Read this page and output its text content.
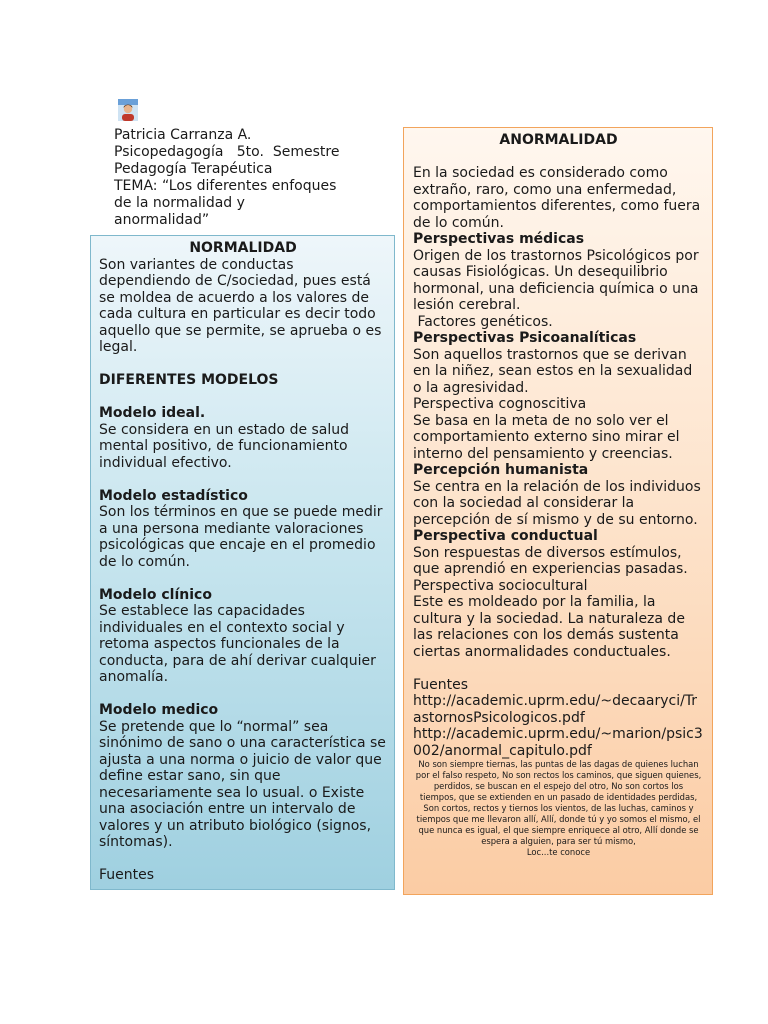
Patricia Carranza A.
Psicopedagogía   5to.  Semestre
Pedagogía Terapéutica
TEMA: “Los diferentes enfoques
de la normalidad y
anormalidad”
NORMALIDAD
Son variantes de conductas dependiendo de C/sociedad, pues está se moldea de acuerdo a los valores de cada cultura en particular es decir todo aquello que se permite, se aprueba o es legal.
DIFERENTES MODELOS
Modelo ideal.
Se considera en un estado de salud mental positivo, de funcionamiento individual efectivo.
Modelo estadístico
Son los términos en que se puede medir a una persona mediante valoraciones psicológicas que encaje en el promedio de lo común.
Modelo clínico
Se establece las capacidades individuales en el contexto social y retoma aspectos funcionales de la conducta, para de ahí derivar cualquier anomalía.
Modelo medico
Se pretende que lo “normal” sea sinónimo de sano o una característica se ajusta a una norma o juicio de valor que define estar sano, sin que necesariamente sea lo usual. o Existe una asociación entre un intervalo de valores y un atributo biológico (signos, síntomas).
Fuentes
ANORMALIDAD
En la sociedad es considerado como extraño, raro, como una enfermedad, comportamientos diferentes, como fuera de lo común.
Perspectivas médicas
Origen de los trastornos Psicológicos por causas Fisiológicas. Un desequilibrio hormonal, una deficiencia química o una lesión cerebral.
Factores genéticos.
Perspectivas Psicoanalíticas
Son aquellos trastornos que se derivan en la niñez, sean estos en la sexualidad o la agresividad.
Perspectiva cognoscitiva
Se basa en la meta de no solo ver el comportamiento externo sino mirar el interno del pensamiento y creencias.
Percepción humanista
Se centra en la relación de los individuos con la sociedad al considerar la percepción de sí mismo y de su entorno.
Perspectiva conductual
Son respuestas de diversos estímulos, que aprendió en experiencias pasadas.
Perspectiva sociocultural
Este es moldeado por la familia, la cultura y la sociedad. La naturaleza de las relaciones con los demás sustenta ciertas anormalidades conductuales.
Fuentes
http://academic.uprm.edu/~decaaryci/TrastornosPsicologicos.pdf
http://academic.uprm.edu/~marion/psic3002/anormal_capitulo.pdf
No son siempre tiernas, las puntas de las dagas de quienes luchan por el falso respeto, No son rectos los caminos, que siguen quienes, perdidos, se buscan en el espejo del otro, No son cortos los tiempos, que se extienden en un pasado de identidades perdidas, Son cortos, rectos y tiernos los vientos, de las luchas, caminos y tiempos que me llevaron allí, Allí, donde tú y yo somos el mismo, el que nunca es igual, el que siempre enriquece al otro, Allí donde se espera a alguien, para ser tú mismo,
Loc...te conoce
